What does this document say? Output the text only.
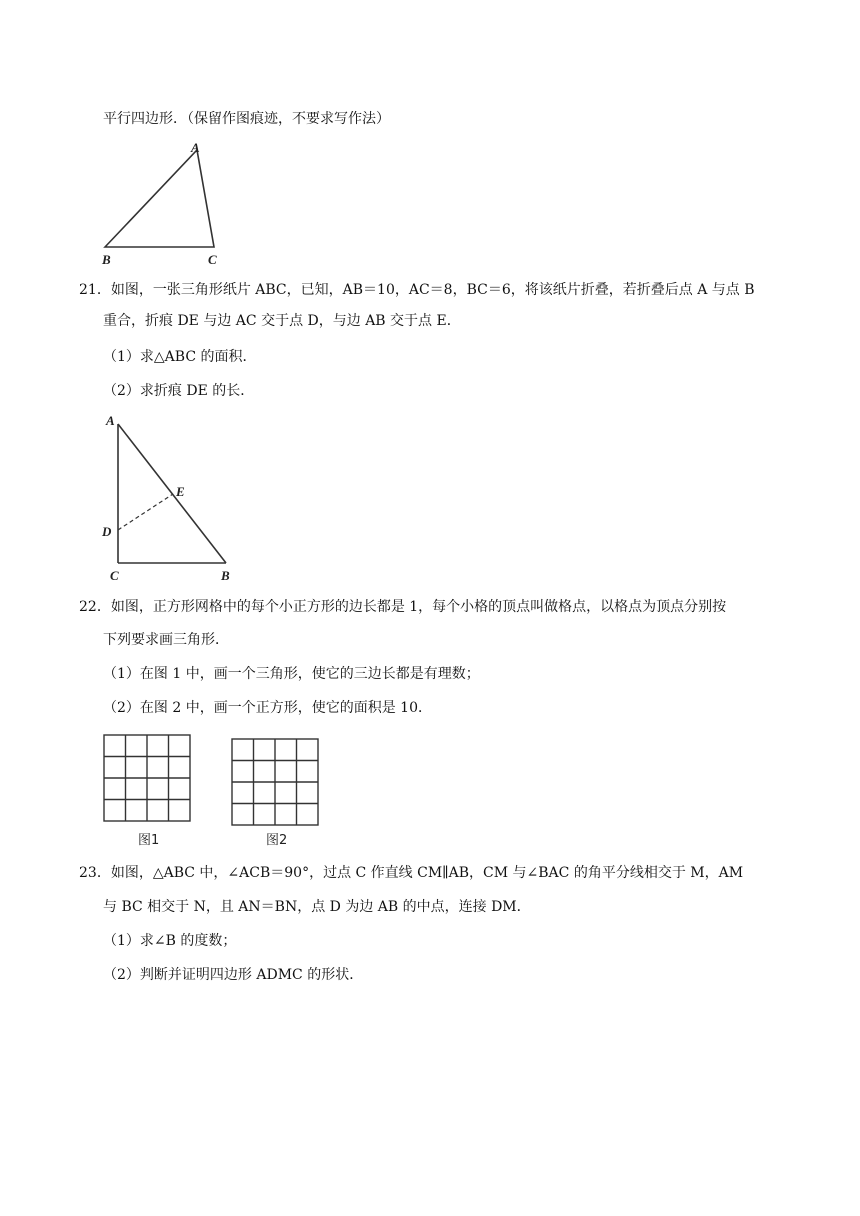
平行四边形．（保留作图痕迹，不要求写作法）
A
B	C
21．如图，一张三角形纸片 ABC，已知，AB＝10，AC＝8，BC＝6，将该纸片折叠，若折叠后点 A 与点 B
重合，折痕 DE 与边 AC 交于点 D，与边 AB 交于点 E．
（1）求△ABC 的面积．
（2）求折痕 DE 的长．
A
E
D
C	B
22．如图，正方形网格中的每个小正方形的边长都是 1，每个小格的顶点叫做格点，以格点为顶点分别按
下列要求画三角形．
（1）在图 1 中，画一个三角形，使它的三边长都是有理数；
（2）在图 2 中，画一个正方形，使它的面积是 10．
图1	图2
23．如图，△ABC 中，∠ACB＝90°，过点 C 作直线 CM∥AB，CM 与∠BAC 的角平分线相交于 M，AM
与 BC 相交于 N，且 AN＝BN，点 D 为边 AB 的中点，连接 DM．
（1）求∠B 的度数；
（2）判断并证明四边形 ADMC 的形状．
